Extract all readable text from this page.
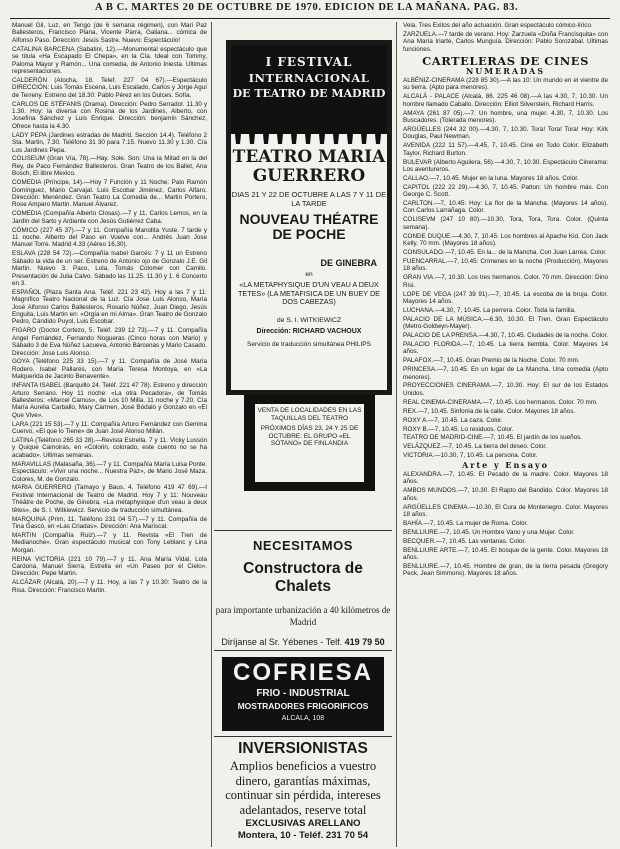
A B C. MARTES 20 DE OCTUBRE DE 1970. EDICION DE LA MAÑANA. PAG. 83.

Manuel Gil, Luz, en Tengo (de 6 semana régimen), con Mari Paz Ballesteros, Francisco Plana, Vicente Parra, Galiana... cómica de Alfonso Paso. Dirección: Jesús Sastre. Nuevo: Espectáculo!

CATALINA BARCENA (Sabatini, 12).—Monumental espectáculo que se titula «Ha Escapado El Chepa», en la Cía. Ideal con Tommy, Paloma Mayor y Ramón... Una comedia, de Antonio Iniesta. Ultimas representaciones.

CALDERÓN (Atocha, 18. Telef. 227 04 67).—Espectáculo DIRECCIÓN: Luis Tomás Escena, Luis Escalado, Carlos y Jorge Aguí de Terreny. Estreno del 18.30: Pablo Pérez en los Dulces. Sofía.

CARLOS DE STÉFANIS (Drama). Dirección: Pedro Serrador. 11.30 y 1.30. Hoy: la diversa con Rosina de los Jardines, Alberto, con Josefina Sánchez y Luis Enrique. Dirección: benjamín Sánchez, Ofrece hasta la 4.30.

LADY PEPA (Jardines estradas de Madrid. Sección 14.4). Teléfono 2 Sta. Martin, 7.30. Teléfono 31 30 para 7.15. Nuevo 11.30 y 1.30. Cía Los Jardines Pepa.

COLISEUM (Gran Vía, 78).—Hay. Sole. Son: Una la Mitad en la del Rey, de Paco Fernández Ballesteros. Gran Teatro de los Ballet, Ana Bosch, El libre Mexico.

COMEDIA (Príncipe, 14).—Hoy 7 Función y 11 Noche: Palo Ramón Domínguez, Mario Carvajal. Luis Escobar Jiménez, Carlos Alfaro. Dirección: Menéndez. Gran Teatro La Comedia de... Martin Portero, Rose Amparo Martin. Manuel Álvarez.

COMEDIA (Compañía Alberto Closas).—7 y 11. Carlos Lemos, en la Jardín del Sarto y Ardiente con Jesús Gutiérrez Caba.

CÓMICO (227 45 37).—7 y 11. Compañía Manolita Yuste. 7 tarde y 11 noche. Alberto del Paso en Vuelve con... Andrés Juan Jose Manuel Torre. Madrid 4.33 (Aéreo 16,30).

ESLAVA (228 54 72).—Compañía Isabel Garcés: 7 y 11 un Estreno Sábado la vida de un ser. Estreno de Antonio ojo de Gonzalo J.E. Gil Martin. Nuevo 3. Paco, Lola, Tomás Colomer con Camilo. Presentación de Julia Calvo. Sábado las 11.25. 11.30 y 1. 6 Concerto en 3.

ESPAÑOL (Plaza Santa Ana. Teléf. 221 23 42). Hoy a las 7 y 11: Magnífico Teatro Nacional de la Luz. Cía Jose Luis Alonso, María José Alfonso Carlos Ballesteros, Rosario Núñez. Juan Diego, Jesús Enguita, Luis Martin en: «Orgía en mi Alma». Gran Teatro de Gonzalo Pedro, Cándido Puyol, Luis Escobar.

FIGARO (Doctor Cortezo, 5. Teléf. 239 12 73).—7 y 11. Compañía Angel Fernández, Fernando Nogueras (Cinco horas con Mario) y Sábado 3 de Eva Núñez Lacueva, Antonio Bárcenas y Mario Casado. Dirección: Jose Luis Alonso.

GOYA (Teléfono 225 33 15).—7 y 11. Compañía de José María Rodero. Isabel Pallarés, con María Teresa Montoya, en «La Malquerida de Jacinto Benavente».

INFANTA ISABEL (Barquillo 24. Teléf. 221 47 78). Estreno y dirección Arturo Serrano. Hoy 11 noche: «La otra Pecadora», de Tomás Ballesteros: «Marcel Camus», de Los 10 Milla. 11 noche y 7.20. Cía María Aurelia Carballo, Mary Carmen, José Bódalo y Gonzalo en «El Que Vive».

LARA (221 15 53).—7 y 11. Compañía Arturo Fernández con Gemma Cuervo, «El que lo Tiene» de Juan José Alonso Millán.

LATINA (Teléfono 265 33 28).—Revista Estrella. 7 y 11. Vicky Lussón y Quique Camoiras, en «Colorin, colorado, este cuento no se ha acabado». Ultimas semanas.

MARAVILLAS (Malasaña, 36).—7 y 11. Compañía María Luisa Ponte. Espectáculo: «Vivir una noche... Nuestra Paz», de Mario José Maza. Colores, M. de Gonzalo.

MARIA GUERRERO (Tamayo y Baus, 4. Teléfono 419 47 69).—I Festival Internacional de Teatro de Madrid. Hoy 7 y 11: Nouveau Théâtre de Poche, de Ginebra, «La métaphysique d'un veau à deux têtes», de S. I. Witkiewicz. Servicio de traducción simultánea.

MARQUINA (Prim, 11. Teléfono 231 04 57).—7 y 11. Compañía de Tina Gascó, en «Las Criadas». Dirección: Ana Mariscal.

MARTIN (Compañía Ruiz).—7 y 11. Revista «El Tren de Medianoche». Gran espectáculo musical con Tony Leblanc y Lina Morgan.

REINA VICTORIA (221 10 79).—7 y 11. Ana María Vidal, Lola Cardona, Manuel Sierra, Estrella en «Un Paseo por el Cielo». Dirección: Pepe Martin.

ALCÁZAR (Alcalá, 20).—7 y 11. Hoy, a las 7 y 10.30: Teatro de la Risa. Dirección: Francisco Martin.

I FESTIVAL
INTERNACIONAL
DE TEATRO DE MADRID
TEATRO MARIA GUERRERO
DIAS 21 Y 22 DE OCTUBRE A LAS 7 Y 11 DE LA TARDE
NOUVEAU THÉATRE DE POCHE
DE GINEBRA
en
«LA METAPHYSIQUE D'UN VEAU A DEUX TETES» (LA METAFISICA DE UN BUEY DE DOS CABEZAS)
de S. I. WITKIEWICZ
Dirección: RICHARD VACHOUX
Servicio de traducción simultánea PHILIPS

VENTA DE LOCALIDADES EN LAS TAQUILLAS DEL TEATRO

PRÓXIMOS DÍAS 23, 24 Y 25 DE OCTUBRE: EL GRUPO «EL SÓTANO» DE FINLANDIA

NECESITAMOS
Constructora de Chalets
para importante urbanización a 40 kilómetros de Madrid
Diríjanse al Sr. Yébenes - Telf. 419 79 50
COFRIESA
FRIO - INDUSTRIAL
MOSTRADORES FRIGORIFICOS
ALCALA, 108
INVERSIONISTAS
Amplios beneficios a vuestro dinero, garantías máximas, continuar sin pérdida, intereses adelantados, reserve total
EXCLUSIVAS ARELLANO
Montera, 10 - Teléf. 231 70 54

Vela. Tres Éxitos del año actuación. Gran espectáculo cómico-lírico.

ZARZUELA.—7 tarde de verano. Hoy: Zarzuela «Doña Francisquita» con Ana María Iriarte, Carlos Munguía. Dirección: Pablo Sorozábal. Ultimas funciones.

CARTELERAS DE CINES
NUMERADAS

ALBÉNIZ-CINERAMA (228 85 30).—A las 10: Un mundo en el vientre de su tierra. (Apto para menores).

ALCALÁ - PALACE (Alcalá, 86. 225 46 08).—A las 4.30, 7, 10.30. Un hombre llamado Caballo. Dirección: Elliot Silverstein, Richard Harris.

AMAYA (261 87 05).—7. Un hombre, una mujer. 4.30, 7, 10.30. Los Buscadores. (Tolerada menores).

ARGÜELLES (244 32 00).—4.30, 7, 10.30. Tora! Tora! Tora! Hoy: Kirk Douglas, Paul Newman.

AVENIDA (222 11 57).—4.45, 7, 10.45. Cine en Todo Color. Elizabeth Taylor, Richard Burton.

BULEVAR (Alberto Aguilera, 56).—4.30, 7, 10.30. Espectáculo Cinerama: Los aventureros.

CALLAO.—7, 10.45. Mujer en la luna. Mayores 18 años. Color.

CAPITOL (222 22 29).—4.30, 7, 10.45. Patton: Un hombre más. Con George C. Scott.

CARLTON.—7, 10.45: Hoy: La flor de la Mancha. (Mayores 14 años). Con Carlos Larrañaga. Color.

COLISEVM (247 10 80).—10.30, Tora, Tora, Tora. Color. (Quinta semana).

CONDE DUQUE.—4.30, 7, 10.45: Los hombres al Apache Kid. Con Jack Kelly. 70 mm. (Mayores 18 años).

CONSULADO.—7, 10.45. En la... de la Mancha. Con Juan Larrea. Color.

FUENCARRAL.—7, 10.45: Crímenes en la noche (Producción). Mayores 18 años.

GRAN VIA.—7, 10.30. Los tres hermanos. Color. 70 mm. Dirección: Dino Risi.

LOPE DE VEGA (247 39 91).—7, 10.45. La escoba de la bruja. Color. Mayores 14 años.

LUCHANA.—4.30, 7, 10.45. La perrera. Color. Toda la familia.

PALACIO DE LA MÚSICA.—6.30, 10.30. El Tren. Gran Espectáculo (Metro-Goldwyn-Mayer).

PALACIO DE LA PRENSA.—4.30, 7, 10.45. Ciudades de la noche. Color.

PALACIO FLORIDA.—7, 10.45. La tierra tiembla. Color. Mayores 14 años.

PALAFOX.—7, 10.45. Gran Premio de la Noche. Color. 70 mm.

PRINCESA.—7, 10.45. En un lugar de La Mancha. Una comedia (Apto menores).

PROYECCIONES CINERAMA.—7, 10.30. Hoy: El sur de los Estados Unidos.

REAL CINEMA-CINERAMA.—7, 10.45. Los hermanos. Color. 70 mm.

REX.—7, 10.45. Sinfonía de la calle. Color. Mayores 18 años.

ROXY A.—7, 10.45. La caza. Color.

ROXY B.—7, 10.45. Lo residuos. Color.

TEATRO DE MADRID-CINE.—7, 10.45. El jardín de los sueños.

VELÁZQUEZ.—7, 10.45. La tierra del deseo. Color.

VICTORIA.—10.30, 7, 10.45. La persona. Color.

Arte y Ensayo

ALEXANDRA.—7, 10.45: El Pecado de la madre. Color. Mayores 18 años.

AMBOS MUNDOS.—7, 10.30. El Rapto del Bandido. Color. Mayores 18 años.

ARGÜELLES CINEMA.—10.30, El Cura de Montenegro. Color. Mayores 18 años.

BAHÍA.—7, 10.45. La mujer de Roma. Color.

BENLLIURE.—7, 10.45. Un Hombre Vano y una Mujer. Color.

BECQUER.—7, 10.45. Las ventanas. Color.

BENLLIURE ARTE.—7, 10.45. El bosque de la gente. Color. Mayores 18 años.

BENLLIURE.—7, 10.45. Hombre de gran, de la tierra pesada (Gregory Peck, Jean Simmons). Mayores 18 años.
